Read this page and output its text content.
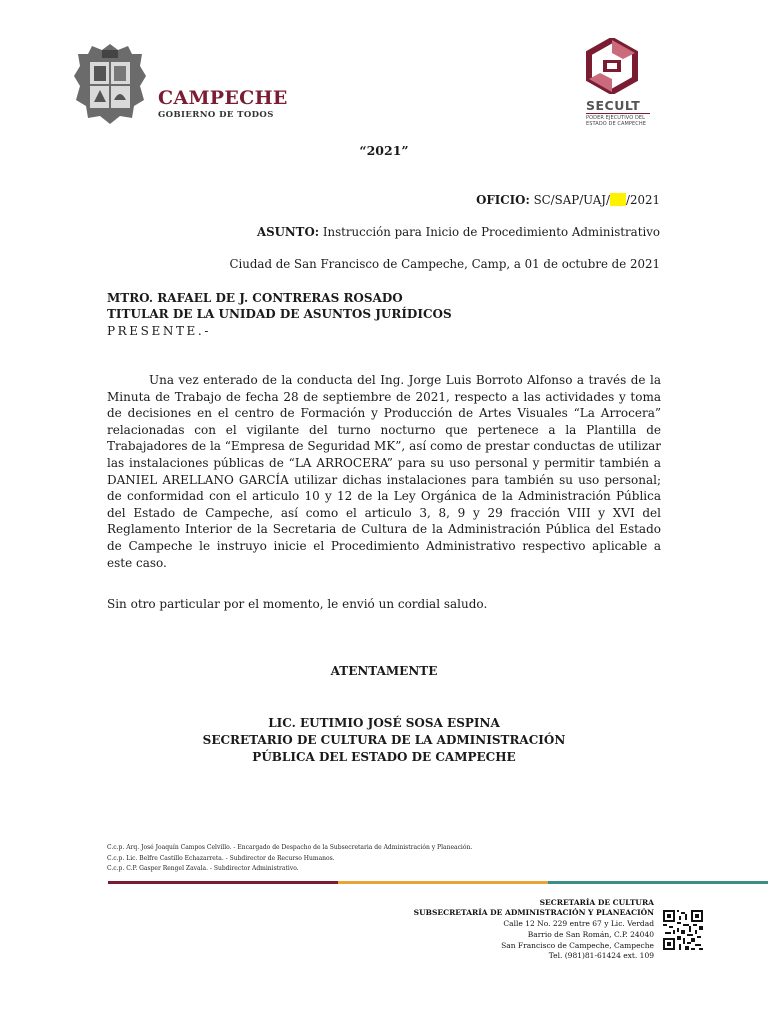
CAMPECHE
GOBIERNO DE TODOS
SECULT
PODER EJECUTIVO DEL
ESTADO DE CAMPECHE
“2021”
OFICIO: SC/SAP/UAJ/ /2021
ASUNTO: Instrucción para Inicio de Procedimiento Administrativo
Ciudad de San Francisco de Campeche, Camp, a 01 de octubre de 2021
MTRO. RAFAEL DE J. CONTRERAS ROSADO
TITULAR DE LA UNIDAD DE ASUNTOS JURÍDICOS
PRESENTE.-
Una vez enterado de la conducta del Ing. Jorge Luis Borroto Alfonso a través de la Minuta de Trabajo de fecha 28 de septiembre de 2021, respecto a las actividades y toma de decisiones en el centro de Formación y Producción de Artes Visuales “La Arrocera” relacionadas con el vigilante del turno nocturno que pertenece a la Plantilla de Trabajadores de la “Empresa de Seguridad MK”, así como de prestar conductas de utilizar las instalaciones públicas de “LA ARROCERA” para su uso personal y permitir también a DANIEL ARELLANO GARCÍA utilizar dichas instalaciones para también su uso personal; de conformidad con el articulo 10 y 12 de la Ley Orgánica de la Administración Pública del Estado de Campeche, así como el articulo 3, 8, 9 y 29 fracción VIII y XVI del Reglamento Interior de la Secretaria de Cultura de la Administración Pública del Estado de Campeche le instruyo inicie el Procedimiento Administrativo respectivo aplicable a este caso.
Sin otro particular por el momento, le envió un cordial saludo.
ATENTAMENTE
LIC. EUTIMIO JOSÉ SOSA ESPINA
SECRETARIO DE CULTURA DE LA ADMINISTRACIÓN
PÚBLICA DEL ESTADO DE CAMPECHE
C.c.p. Arq. José Joaquín Campos Celvillo. - Encargado de Despacho de la Subsecretaria de Administración y Planeación.
C.c.p. Lic. Belfre Castillo Echazarreta. - Subdirector de Recurso Humanos.
C.c.p. C.P. Gasper Rengel Zavala. - Subdirector Administrativo.
SECRETARÍA DE CULTURA
SUBSECRETARÍA DE ADMINISTRACIÓN Y PLANEACIÓN
Calle 12 No. 229 entre 67 y Lic. Verdad
Barrio de San Román, C.P. 24040
San Francisco de Campeche, Campeche
Tel. (981)81-61424 ext. 109
